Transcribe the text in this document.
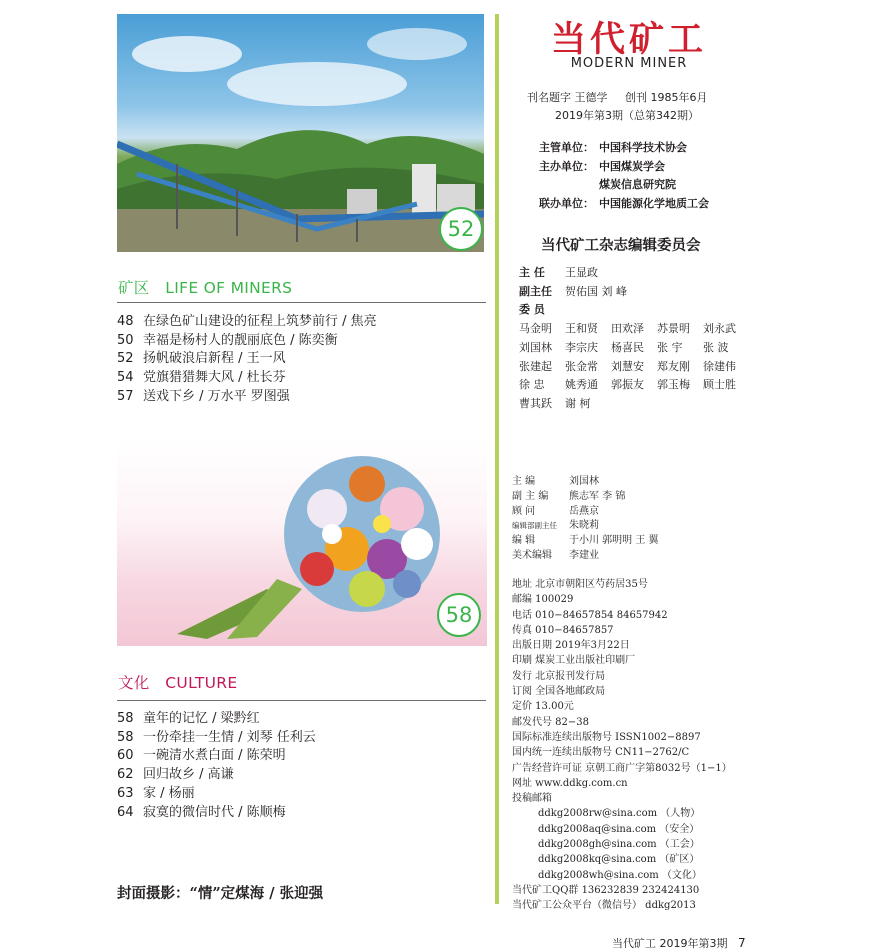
52
矿区 LIFE OF MINERS
48 在绿色矿山建设的征程上筑梦前行 / 焦亮
50 幸福是杨村人的靓丽底色 / 陈奕衡
52 扬帆破浪启新程 / 王一风
54 党旗猎猎舞大风 / 杜长芬
57 送戏下乡 / 万水平 罗图强
58
文化 CULTURE
58 童年的记忆 / 梁黔红
58 一份牵挂一生情 / 刘琴 任利云
60 一碗清水煮白面 / 陈荣明
62 回归故乡 / 高谦
63 家 / 杨丽
64 寂寞的微信时代 / 陈顺梅
封面摄影：“情”定煤海 / 张迎强
当代矿工
MODERN MINER
刊名题字 王德学 创刊 1985年6月
2019年第3期（总第342期）
主管单位： 中国科学技术协会
主办单位： 中国煤炭学会
煤炭信息研究院
联办单位： 中国能源化学地质工会
当代矿工杂志编辑委员会
主 任 王显政
副主任 贺佑国 刘 峰
委 员
马金明 王和贤 田欢泽 苏景明 刘永武
刘国林 李宗庆 杨喜民 张 宇 张 波
张建起 张金常 刘慧安 郑友刚 徐建伟
徐 忠 姚秀通 郭振友 郭玉梅 顾士胜
曹其跃 谢 柯
主 编	刘国林
副 主 编 熊志军 李 锦
顾 问	岳燕京
编辑部副主任 朱晓莉
编 辑	于小川 郭明明 王 翼
美术编辑 李建业
地址 北京市朝阳区芍药居35号
邮编 100029
电话 010−84657854 84657942
传真 010−84657857
出版日期 2019年3月22日
印刷 煤炭工业出版社印刷厂
发行 北京报刊发行局
订阅 全国各地邮政局
定价 13.00元
邮发代号 82−38
国际标准连续出版物号 ISSN1002−8897
国内统一连续出版物号 CN11−2762/C
广告经营许可证 京朝工商广字第8032号（1−1）
网址 www.ddkg.com.cn
投稿邮箱
ddkg2008rw@sina.com （人物）
ddkg2008aq@sina.com （安全）
ddkg2008gh@sina.com （工会）
ddkg2008kq@sina.com （矿区）
ddkg2008wh@sina.com （文化）
当代矿工QQ群 136232839 232424130
当代矿工公众平台（微信号） ddkg2013
当代矿工 2019年第3期 7
